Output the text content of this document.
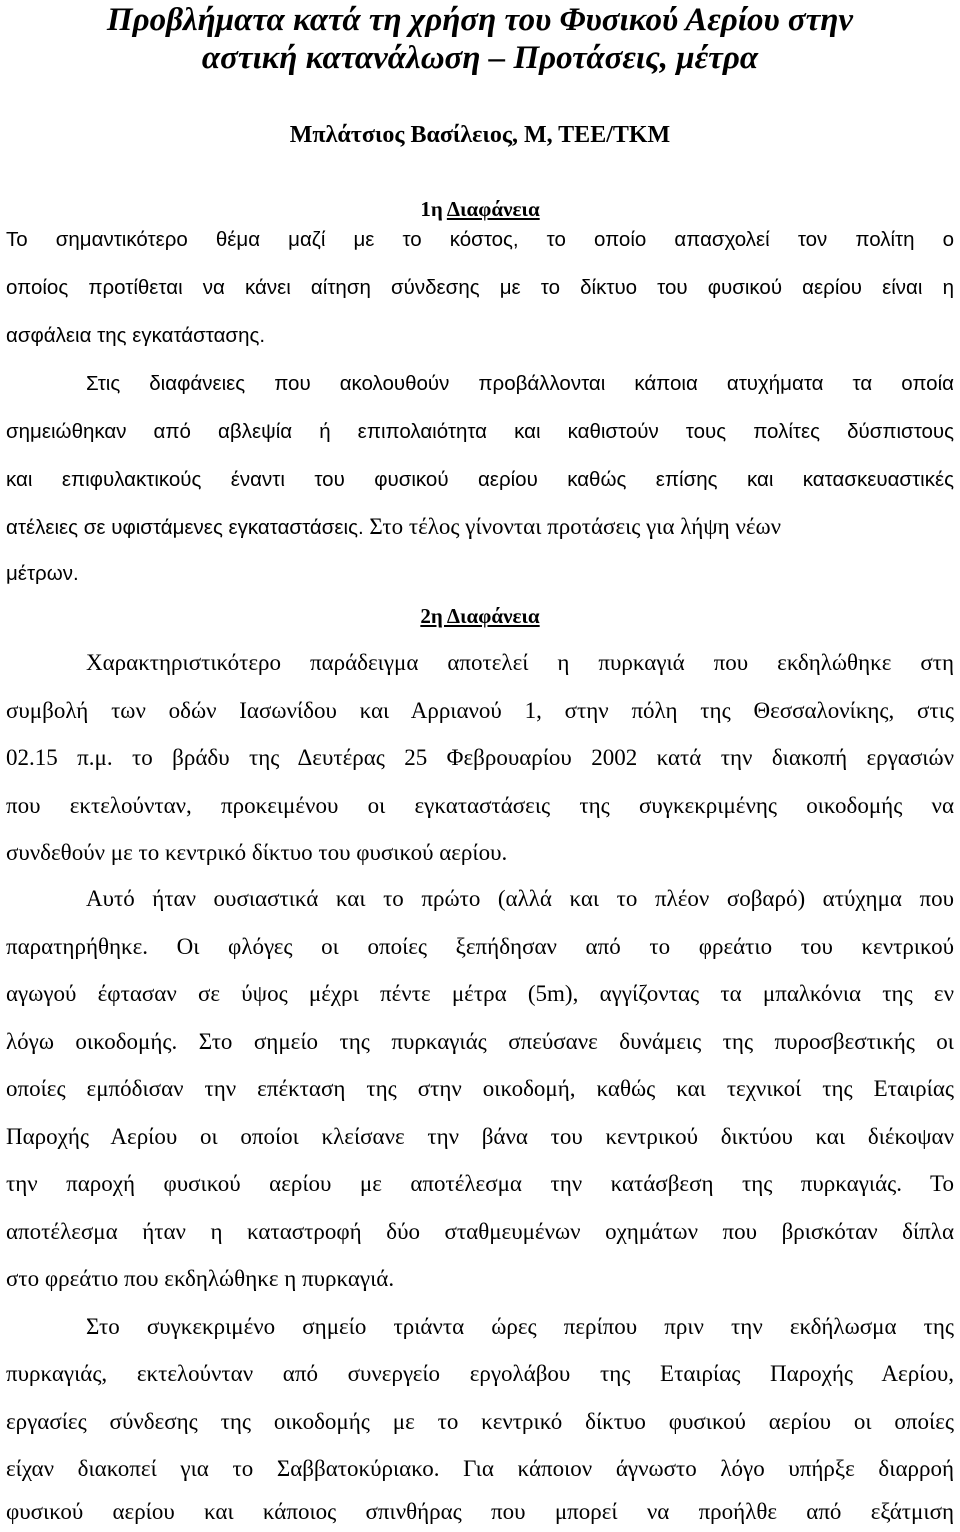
Προβλήματα κατά τη χρήση του Φυσικού Αερίου στην

αστική κατανάλωση – Προτάσεις, μέτρα

Μπλάτσιος Βασίλειος, Μ, ΤΕΕ/ΤΚΜ

1η Διαφάνεια

Το σημαντικότερο θέμα μαζί με το κόστος, το οποίο απασχολεί τον πολίτη ο

οποίος προτίθεται να κάνει αίτηση σύνδεσης με το δίκτυο του φυσικού αερίου είναι η

ασφάλεια της εγκατάστασης.

Στις διαφάνειες που ακολουθούν προβάλλονται κάποια ατυχήματα τα οποία

σημειώθηκαν από αβλεψία ή επιπολαιότητα και καθιστούν τους πολίτες δύσπιστους

και επιφυλακτικούς έναντι του φυσικού αερίου καθώς επίσης και κατασκευαστικές

ατέλειες σε υφιστάμενες εγκαταστάσεις. Στο τέλος γίνονται προτάσεις για λήψη νέων

μέτρων.

2η Διαφάνεια

Χαρακτηριστικότερο παράδειγμα αποτελεί η πυρκαγιά που εκδηλώθηκε στη

συμβολή των οδών Ιασωνίδου και Αρριανού 1, στην πόλη της Θεσσαλονίκης, στις

02.15 π.μ. το βράδυ της Δευτέρας 25 Φεβρουαρίου 2002 κατά την διακοπή εργασιών

που εκτελούνταν, προκειμένου οι εγκαταστάσεις της συγκεκριμένης οικοδομής να

συνδεθούν με το κεντρικό δίκτυο του φυσικού αερίου.

Αυτό ήταν ουσιαστικά και το πρώτο (αλλά και το πλέον σοβαρό) ατύχημα που

παρατηρήθηκε. Οι φλόγες οι οποίες ξεπήδησαν από το φρεάτιο του κεντρικού

αγωγού έφτασαν σε ύψος μέχρι πέντε μέτρα (5m), αγγίζοντας τα μπαλκόνια της εν

λόγω οικοδομής. Στο σημείο της πυρκαγιάς σπεύσανε δυνάμεις της πυροσβεστικής οι

οποίες εμπόδισαν την επέκταση της στην οικοδομή, καθώς και τεχνικοί της Εταιρίας

Παροχής Αερίου οι οποίοι κλείσανε την βάνα του κεντρικού δικτύου και διέκοψαν

την παροχή φυσικού αερίου με αποτέλεσμα την κατάσβεση της πυρκαγιάς. Το

αποτέλεσμα ήταν η καταστροφή δύο σταθμευμένων οχημάτων που βρισκόταν δίπλα

στο φρεάτιο που εκδηλώθηκε η πυρκαγιά.

Στο συγκεκριμένο σημείο τριάντα ώρες περίπου πριν την εκδήλωσμα της

πυρκαγιάς, εκτελούνταν από συνεργείο εργολάβου της Εταιρίας Παροχής Αερίου,

εργασίες σύνδεσης της οικοδομής με το κεντρικό δίκτυο φυσικού αερίου οι οποίες

είχαν διακοπεί για το Σαββατοκύριακο. Για κάποιον άγνωστο λόγο υπήρξε διαρροή

φυσικού αερίου και κάποιος σπινθήρας που μπορεί να προήλθε από εξάτμιση
